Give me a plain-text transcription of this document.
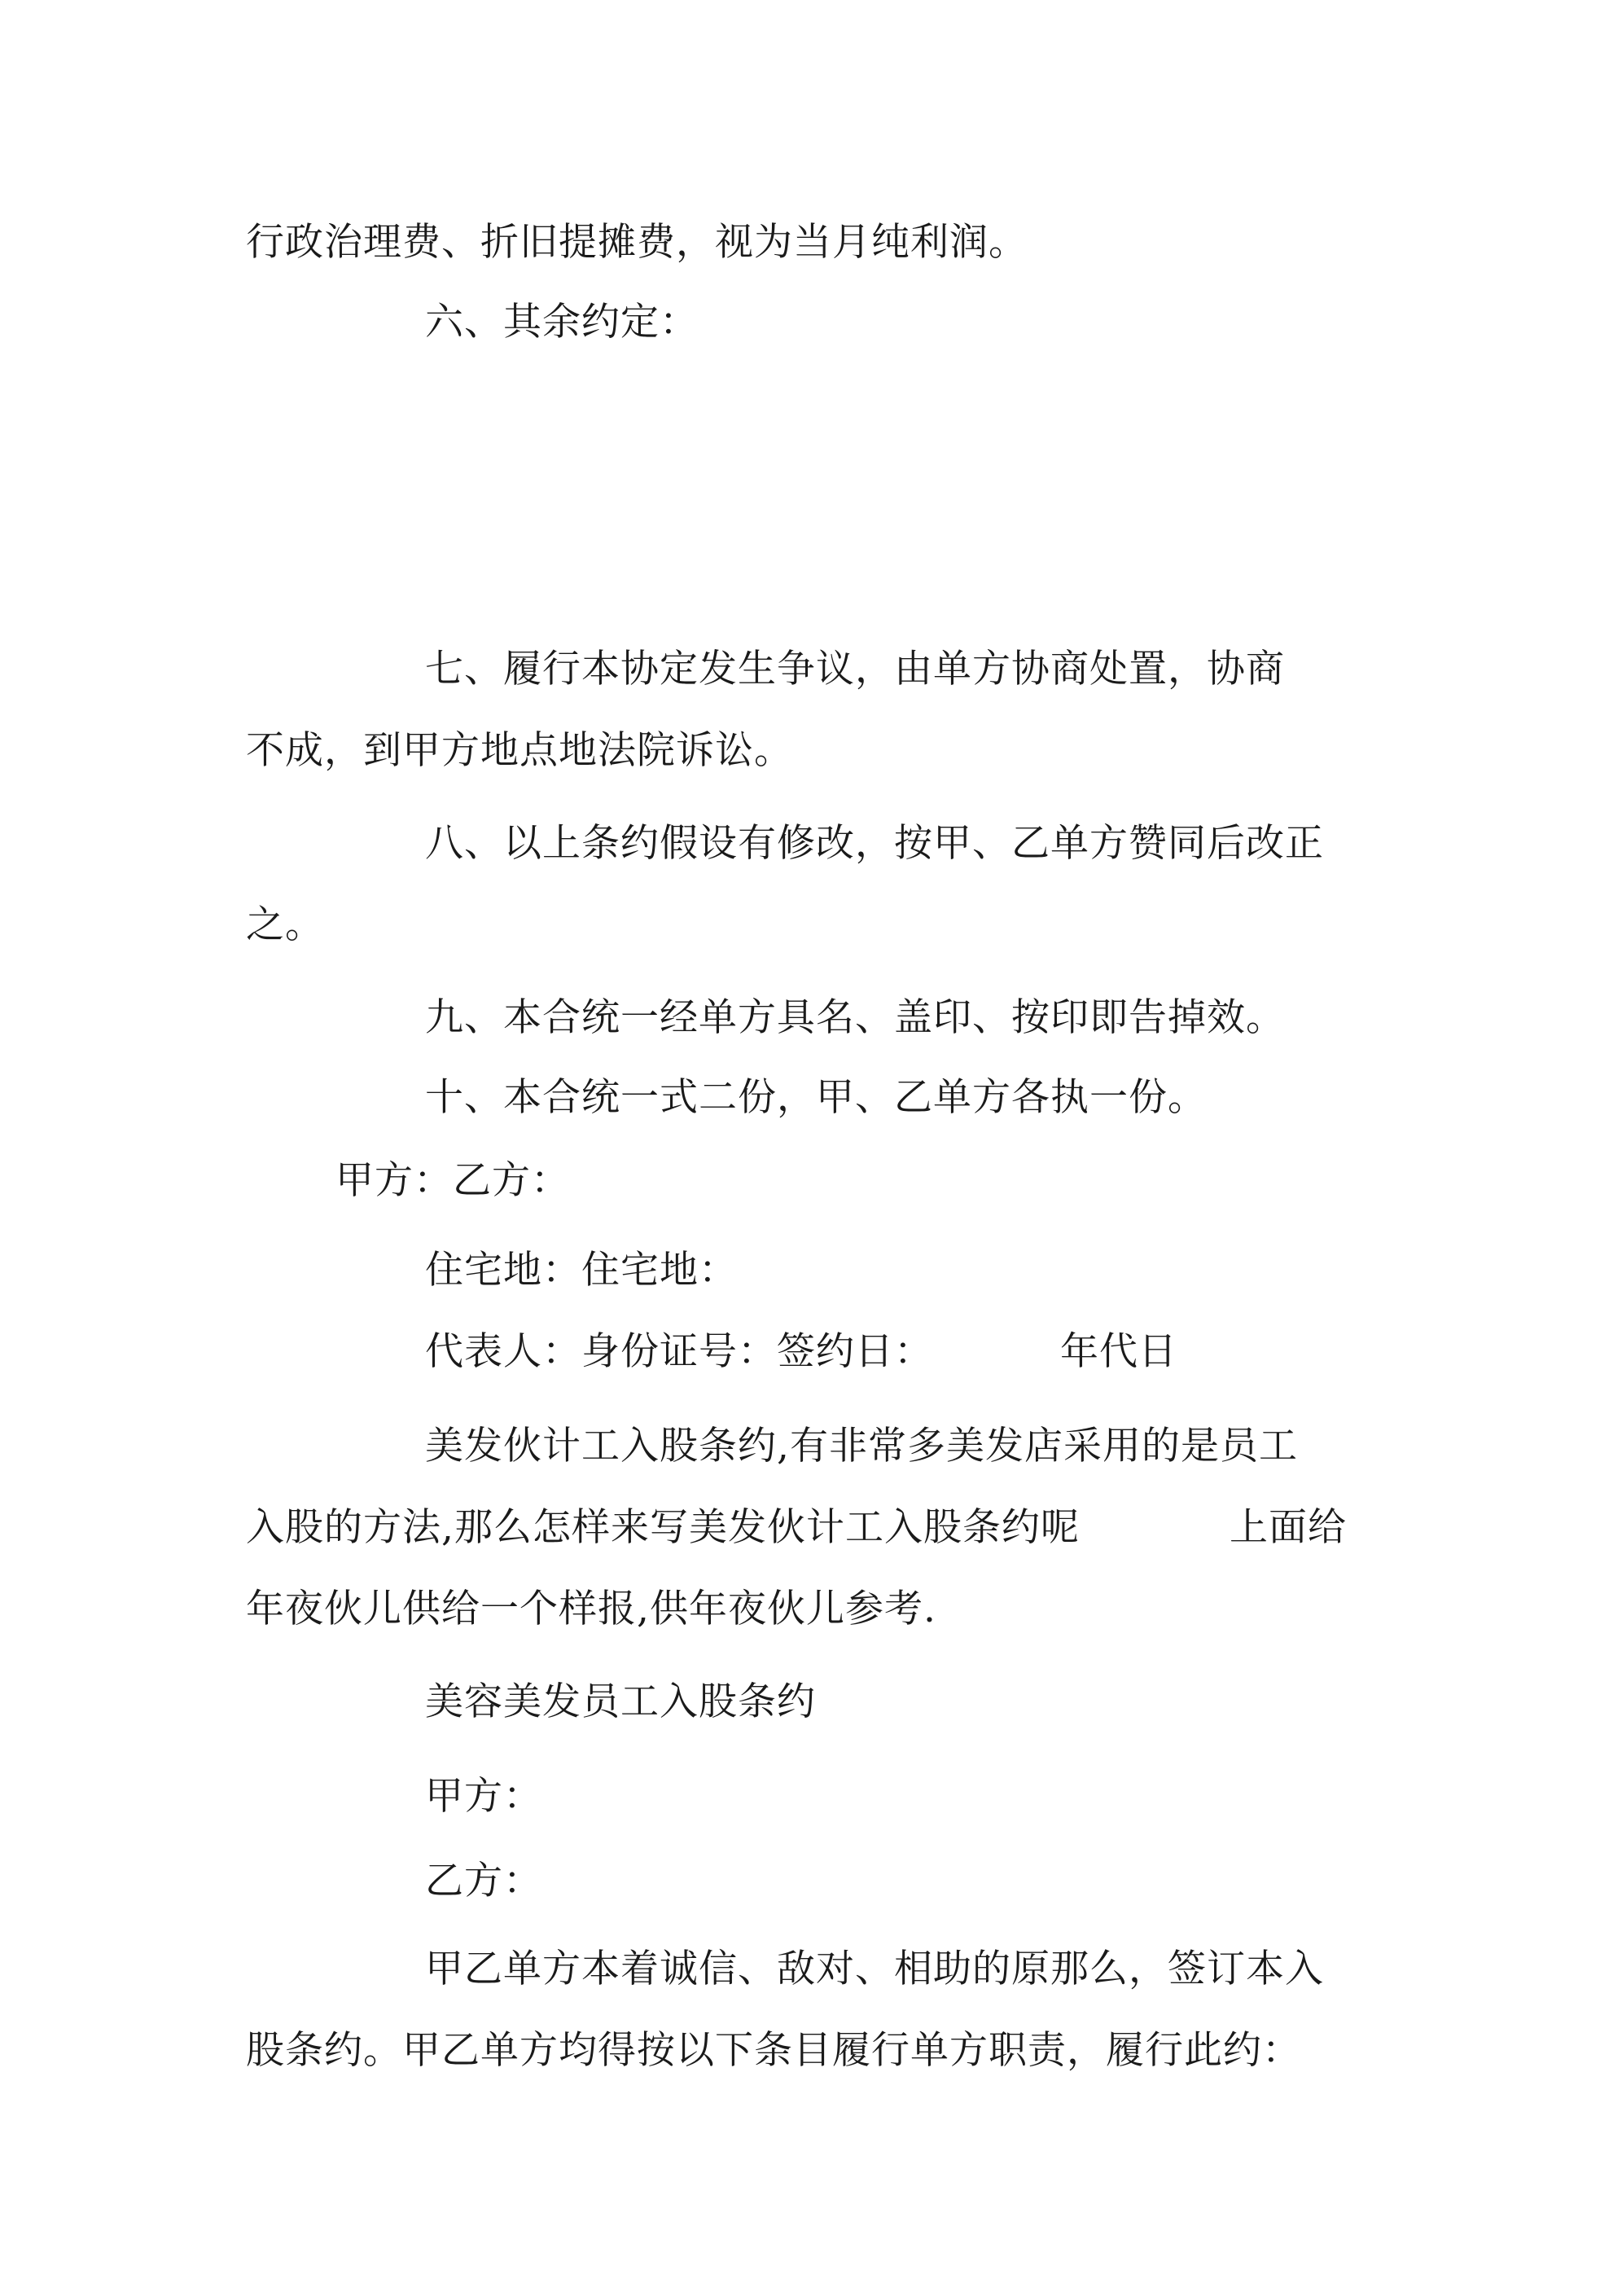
行政治理费、折旧提摊费，视为当月纯利润。
六、其余约定：
七、履行本协定发生争议，由单方协商处置，协商
不成，到甲方地点地法院诉讼。
八、以上条约假设有修改，按甲、乙单方赞同后改正
之。
九、本合统一经单方具名、盖印、按印即告掉效。
十、本合统一式二份，甲、乙单方各执一份。
甲方：乙方：
住宅地：住宅地：
代表人：身份证号：签约日：	年代日
美发伙计工入股条约,有非常多美发店采用的是员工
入股的方法,那么怎样来写美发伙计工入股条约呢	上面给
年夜伙儿供给一个样报,供年夜伙儿参考.
美容美发员工入股条约
甲方：
乙方：
甲乙单方本着诚信、敌对、相助的原那么，签订本入
股条约。甲乙单方均得按以下条目履行单方职责，履行此约：
